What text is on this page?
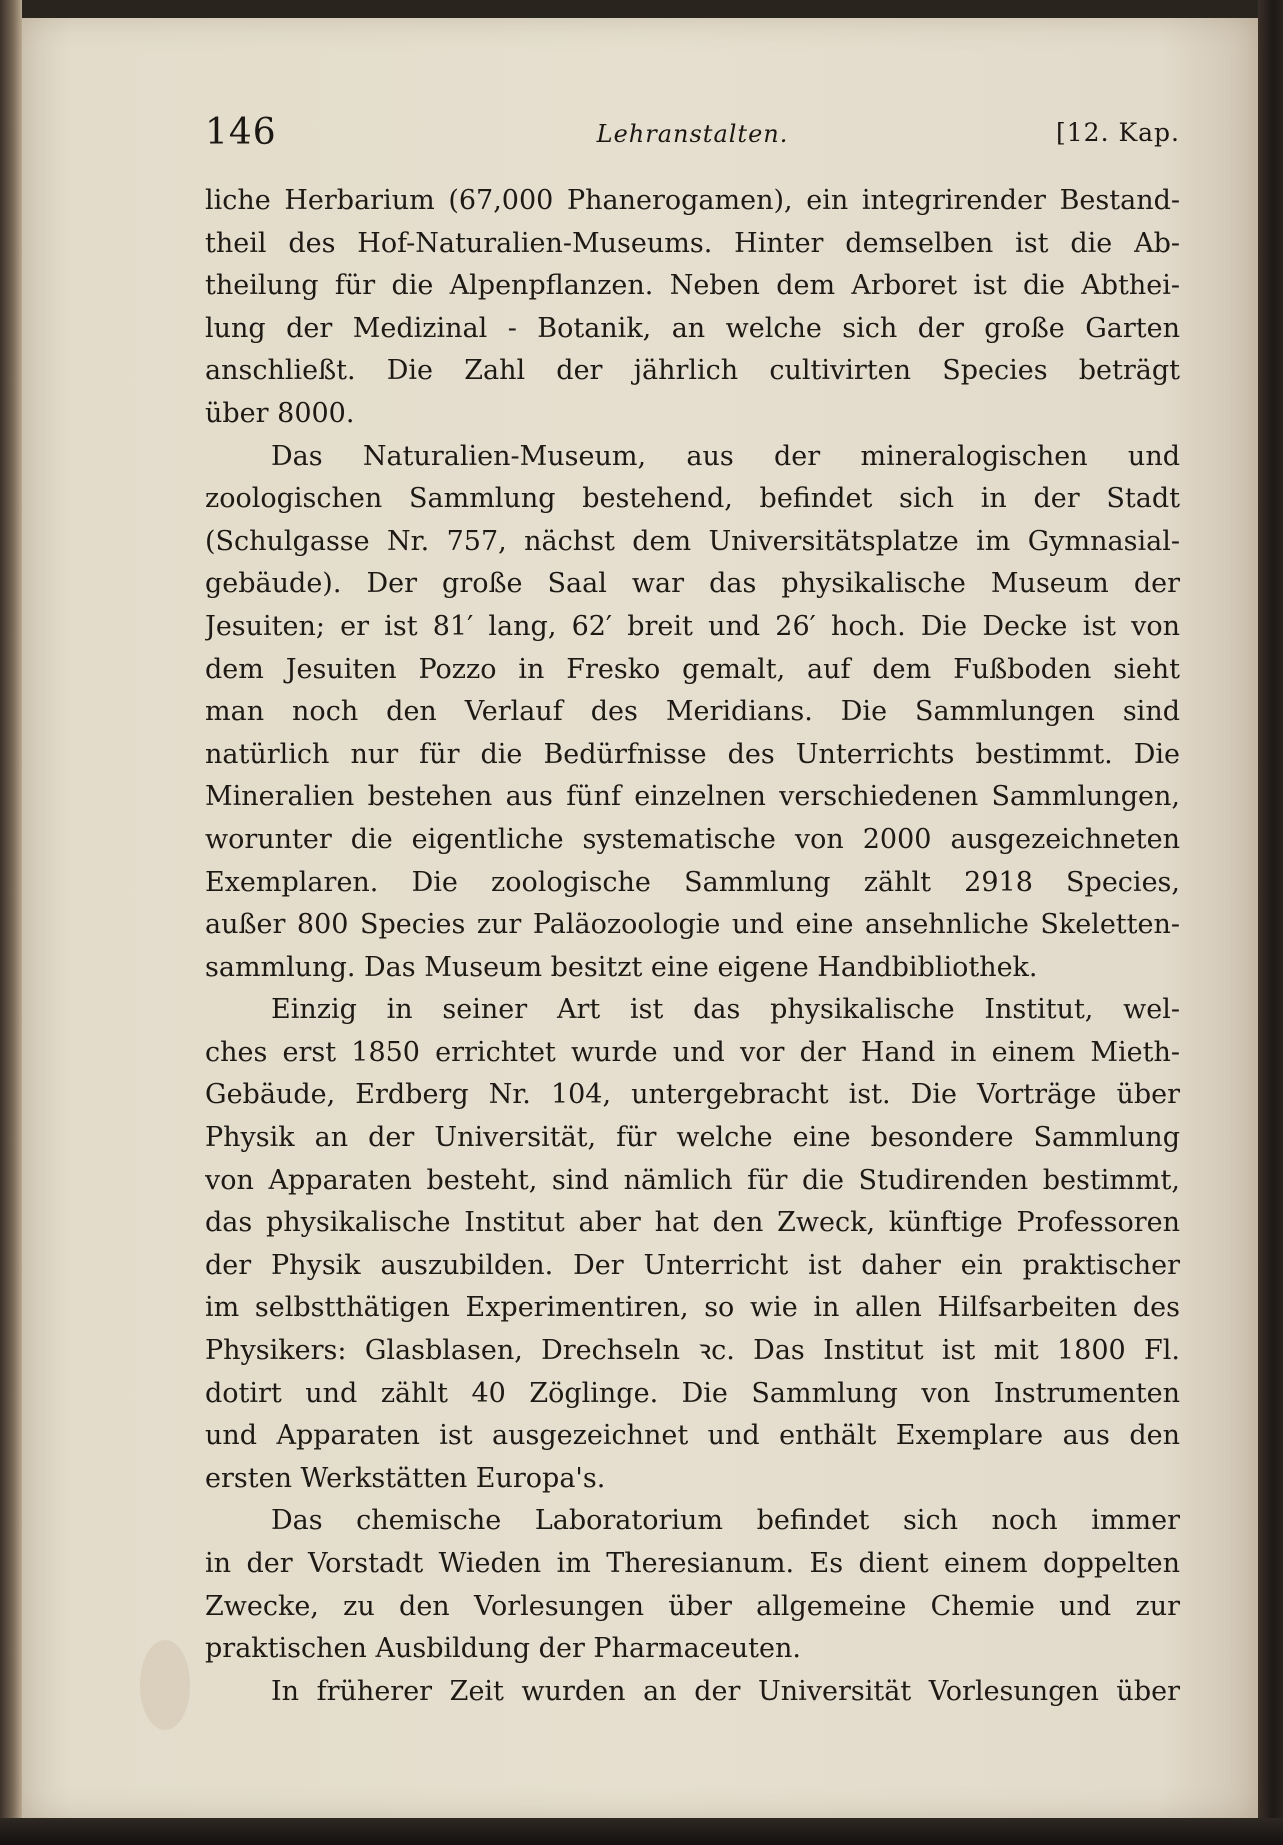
146	Lehranstalten.	[12. Kap.
liche Herbarium (67,000 Phanerogamen), ein integrirender Bestand-
theil des Hof-Naturalien-Museums. Hinter demselben ist die Ab-
theilung für die Alpenpflanzen. Neben dem Arboret ist die Abthei-
lung der Medizinal - Botanik, an welche sich der große Garten
anschließt. Die Zahl der jährlich cultivirten Species beträgt
über 8000.
Das Naturalien-Museum, aus der mineralogischen und
zoologischen Sammlung bestehend, befindet sich in der Stadt
(Schulgasse Nr. 757, nächst dem Universitätsplatze im Gymnasial-
gebäude). Der große Saal war das physikalische Museum der
Jesuiten; er ist 81′ lang, 62′ breit und 26′ hoch. Die Decke ist von
dem Jesuiten Pozzo in Fresko gemalt, auf dem Fußboden sieht
man noch den Verlauf des Meridians. Die Sammlungen sind
natürlich nur für die Bedürfnisse des Unterrichts bestimmt. Die
Mineralien bestehen aus fünf einzelnen verschiedenen Sammlungen,
worunter die eigentliche systematische von 2000 ausgezeichneten
Exemplaren. Die zoologische Sammlung zählt 2918 Species,
außer 800 Species zur Paläozoologie und eine ansehnliche Skeletten-
sammlung. Das Museum besitzt eine eigene Handbibliothek.
Einzig in seiner Art ist das physikalische Institut, wel-
ches erst 1850 errichtet wurde und vor der Hand in einem Mieth-
Gebäude, Erdberg Nr. 104, untergebracht ist. Die Vorträge über
Physik an der Universität, für welche eine besondere Sammlung
von Apparaten besteht, sind nämlich für die Studirenden bestimmt,
das physikalische Institut aber hat den Zweck, künftige Professoren
der Physik auszubilden. Der Unterricht ist daher ein praktischer
im selbstthätigen Experimentiren, so wie in allen Hilfsarbeiten des
Physikers: Glasblasen, Drechseln ꝛc. Das Institut ist mit 1800 Fl.
dotirt und zählt 40 Zöglinge. Die Sammlung von Instrumenten
und Apparaten ist ausgezeichnet und enthält Exemplare aus den
ersten Werkstätten Europa's.
Das chemische Laboratorium befindet sich noch immer
in der Vorstadt Wieden im Theresianum. Es dient einem doppelten
Zwecke, zu den Vorlesungen über allgemeine Chemie und zur
praktischen Ausbildung der Pharmaceuten.
In früherer Zeit wurden an der Universität Vorlesungen über
